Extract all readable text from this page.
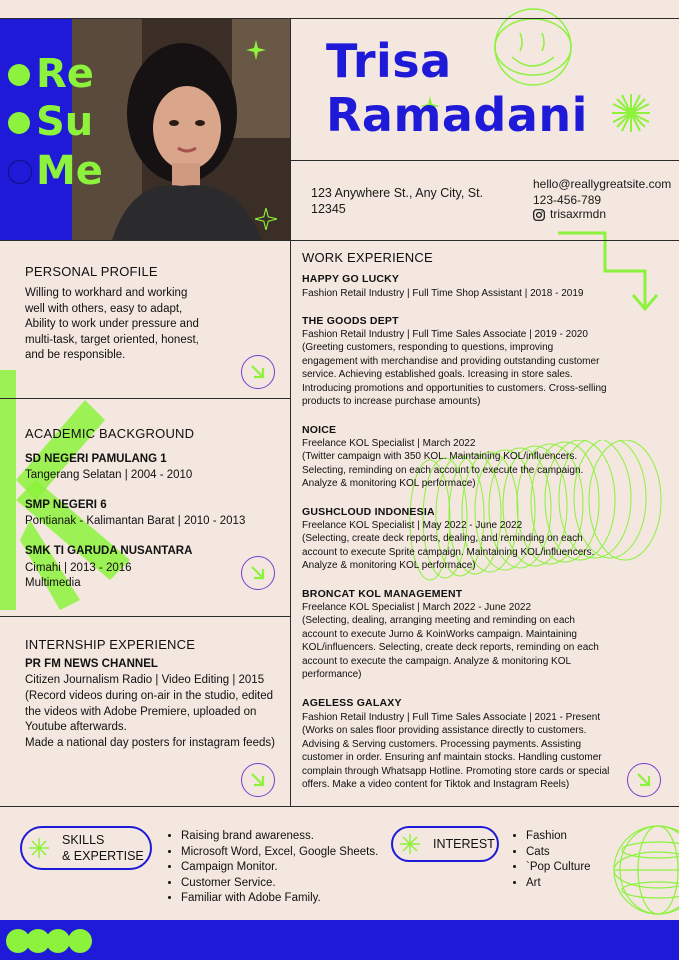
Re
Su
Me
Trisa
Ramadani
123 Anywhere St., Any City, St. 12345
hello@reallygreatsite.com
123-456-789
trisaxrmdn
PERSONAL PROFILE
Willing to workhard and working well with others, easy to adapt, Ability to work under pressure and multi-task, target oriented, honest, and be responsible.
ACADEMIC BACKGROUND
SD NEGERI PAMULANG 1
Tangerang Selatan | 2004 - 2010
SMP NEGERI 6
Pontianak - Kalimantan Barat | 2010 - 2013
SMK TI GARUDA NUSANTARA
Cimahi | 2013 - 2016
Multimedia
INTERNSHIP EXPERIENCE
PR FM NEWS CHANNEL
Citizen Journalism Radio | Video Editing | 2015
(Record videos during on-air in the studio, edited the videos with Adobe Premiere, uploaded on Youtube afterwards.
Made a national day posters for instagram feeds)
WORK EXPERIENCE
HAPPY GO LUCKY
Fashion Retail Industry | Full Time Shop Assistant | 2018 - 2019
THE GOODS DEPT
Fashion Retail Industry | Full Time Sales Associate | 2019 - 2020
(Greeting customers, responding to questions, improving engagement with merchandise and providing outstanding customer service. Achieving established goals. Icreasing in store sales. Introducing promotions and opportunities to customers. Cross-selling products to increase purchase amounts)
NOICE
Freelance KOL Specialist | March 2022
(Twitter campaign with 350 KOL. Maintaining KOL/influencers. Selecting, reminding on each account to execute the campaign. Analyze & monitoring KOL performace)
GUSHCLOUD INDONESIA
Freelance KOL Specialist | May 2022 - June 2022
(Selecting, create deck reports, dealing, and reminding on each account to execute Sprite campaign. Maintaining KOL/influencers. Analyze & monitoring KOL performace)
BRONCAT KOL MANAGEMENT
Freelance KOL Specialist | March 2022 - June 2022
(Selecting, dealing, arranging meeting and reminding on each account to execute Jurno & KoinWorks campaign. Maintaining KOL/influencers. Selecting, create deck reports, reminding on each account to execute the campaign. Analyze & monitoring KOL performance)
AGELESS GALAXY
Fashion Retail Industry | Full Time Sales Associate | 2021 - Present
(Works on sales floor providing assistance directly to customers. Advising & Serving customers. Processing payments. Assisting customer in order. Ensuring anf maintain stocks. Handling customer complain through Whatsapp Hotline. Promoting store cards or special offers. Make a video content for Tiktok and Instagram Reels)
SKILLS
& EXPERTISE
• Raising brand awareness.
• Microsoft Word, Excel, Google Sheets.
• Campaign Monitor.
• Customer Service.
• Familiar with Adobe Family.
INTEREST
• Fashion
• Cats
• `Pop Culture
• Art
